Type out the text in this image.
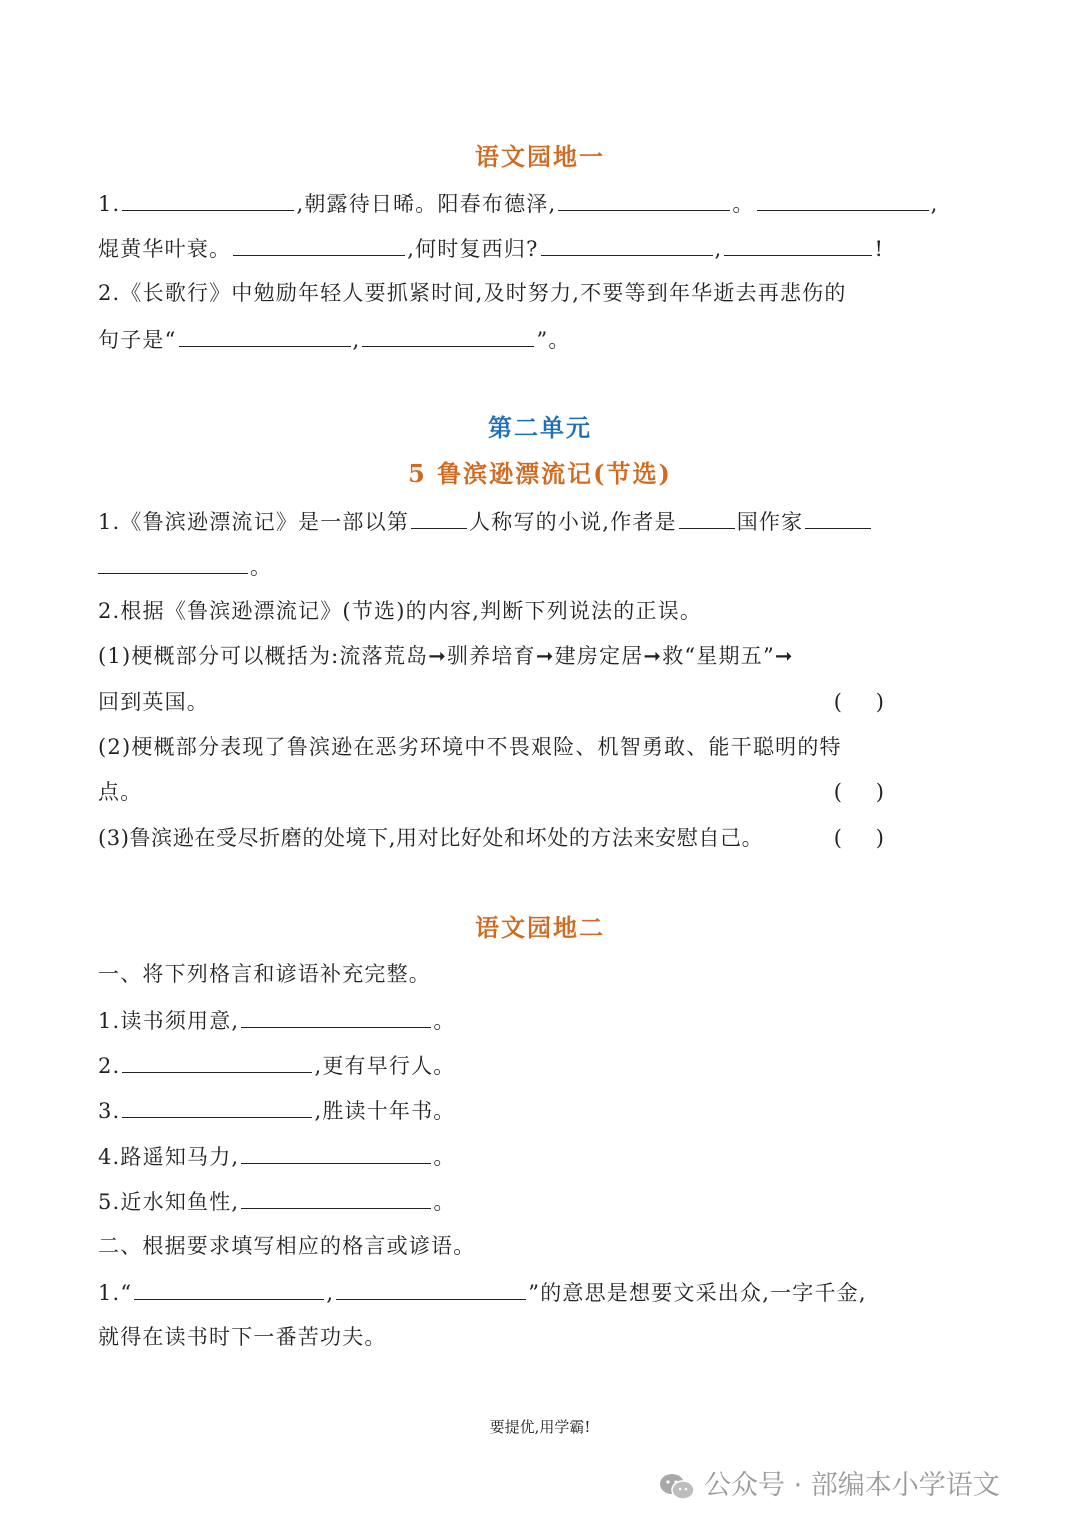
语文园地一
1.	,朝露待日晞。阳春布德泽,	。	,
焜黄华叶衰。	,何时复西归?	,	!
2.《长歌行》中勉励年轻人要抓紧时间,及时努力,不要等到年华逝去再悲伤的
句子是“	,	”。
第二单元
5 鲁滨逊漂流记(节选)
1.《鲁滨逊漂流记》是一部以第	人称写的小说,作者是	国作家
。
2.根据《鲁滨逊漂流记》(节选)的内容,判断下列说法的正误。
(1)梗概部分可以概括为:流落荒岛➞驯养培育➞建房定居➞救“星期五”➞
回到英国。	( )
(2)梗概部分表现了鲁滨逊在恶劣环境中不畏艰险、机智勇敢、能干聪明的特
点。	( )
(3)鲁滨逊在受尽折磨的处境下,用对比好处和坏处的方法来安慰自己。	( )
语文园地二
一、将下列格言和谚语补充完整。
1.读书须用意,	。
2.	,更有早行人。
3.	,胜读十年书。
4.路遥知马力,	。
5.近水知鱼性,	。
二、根据要求填写相应的格言或谚语。
1.“	,	”的意思是想要文采出众,一字千金,
就得在读书时下一番苦功夫。
要提优,用学霸!
公众号 · 部编本小学语文
